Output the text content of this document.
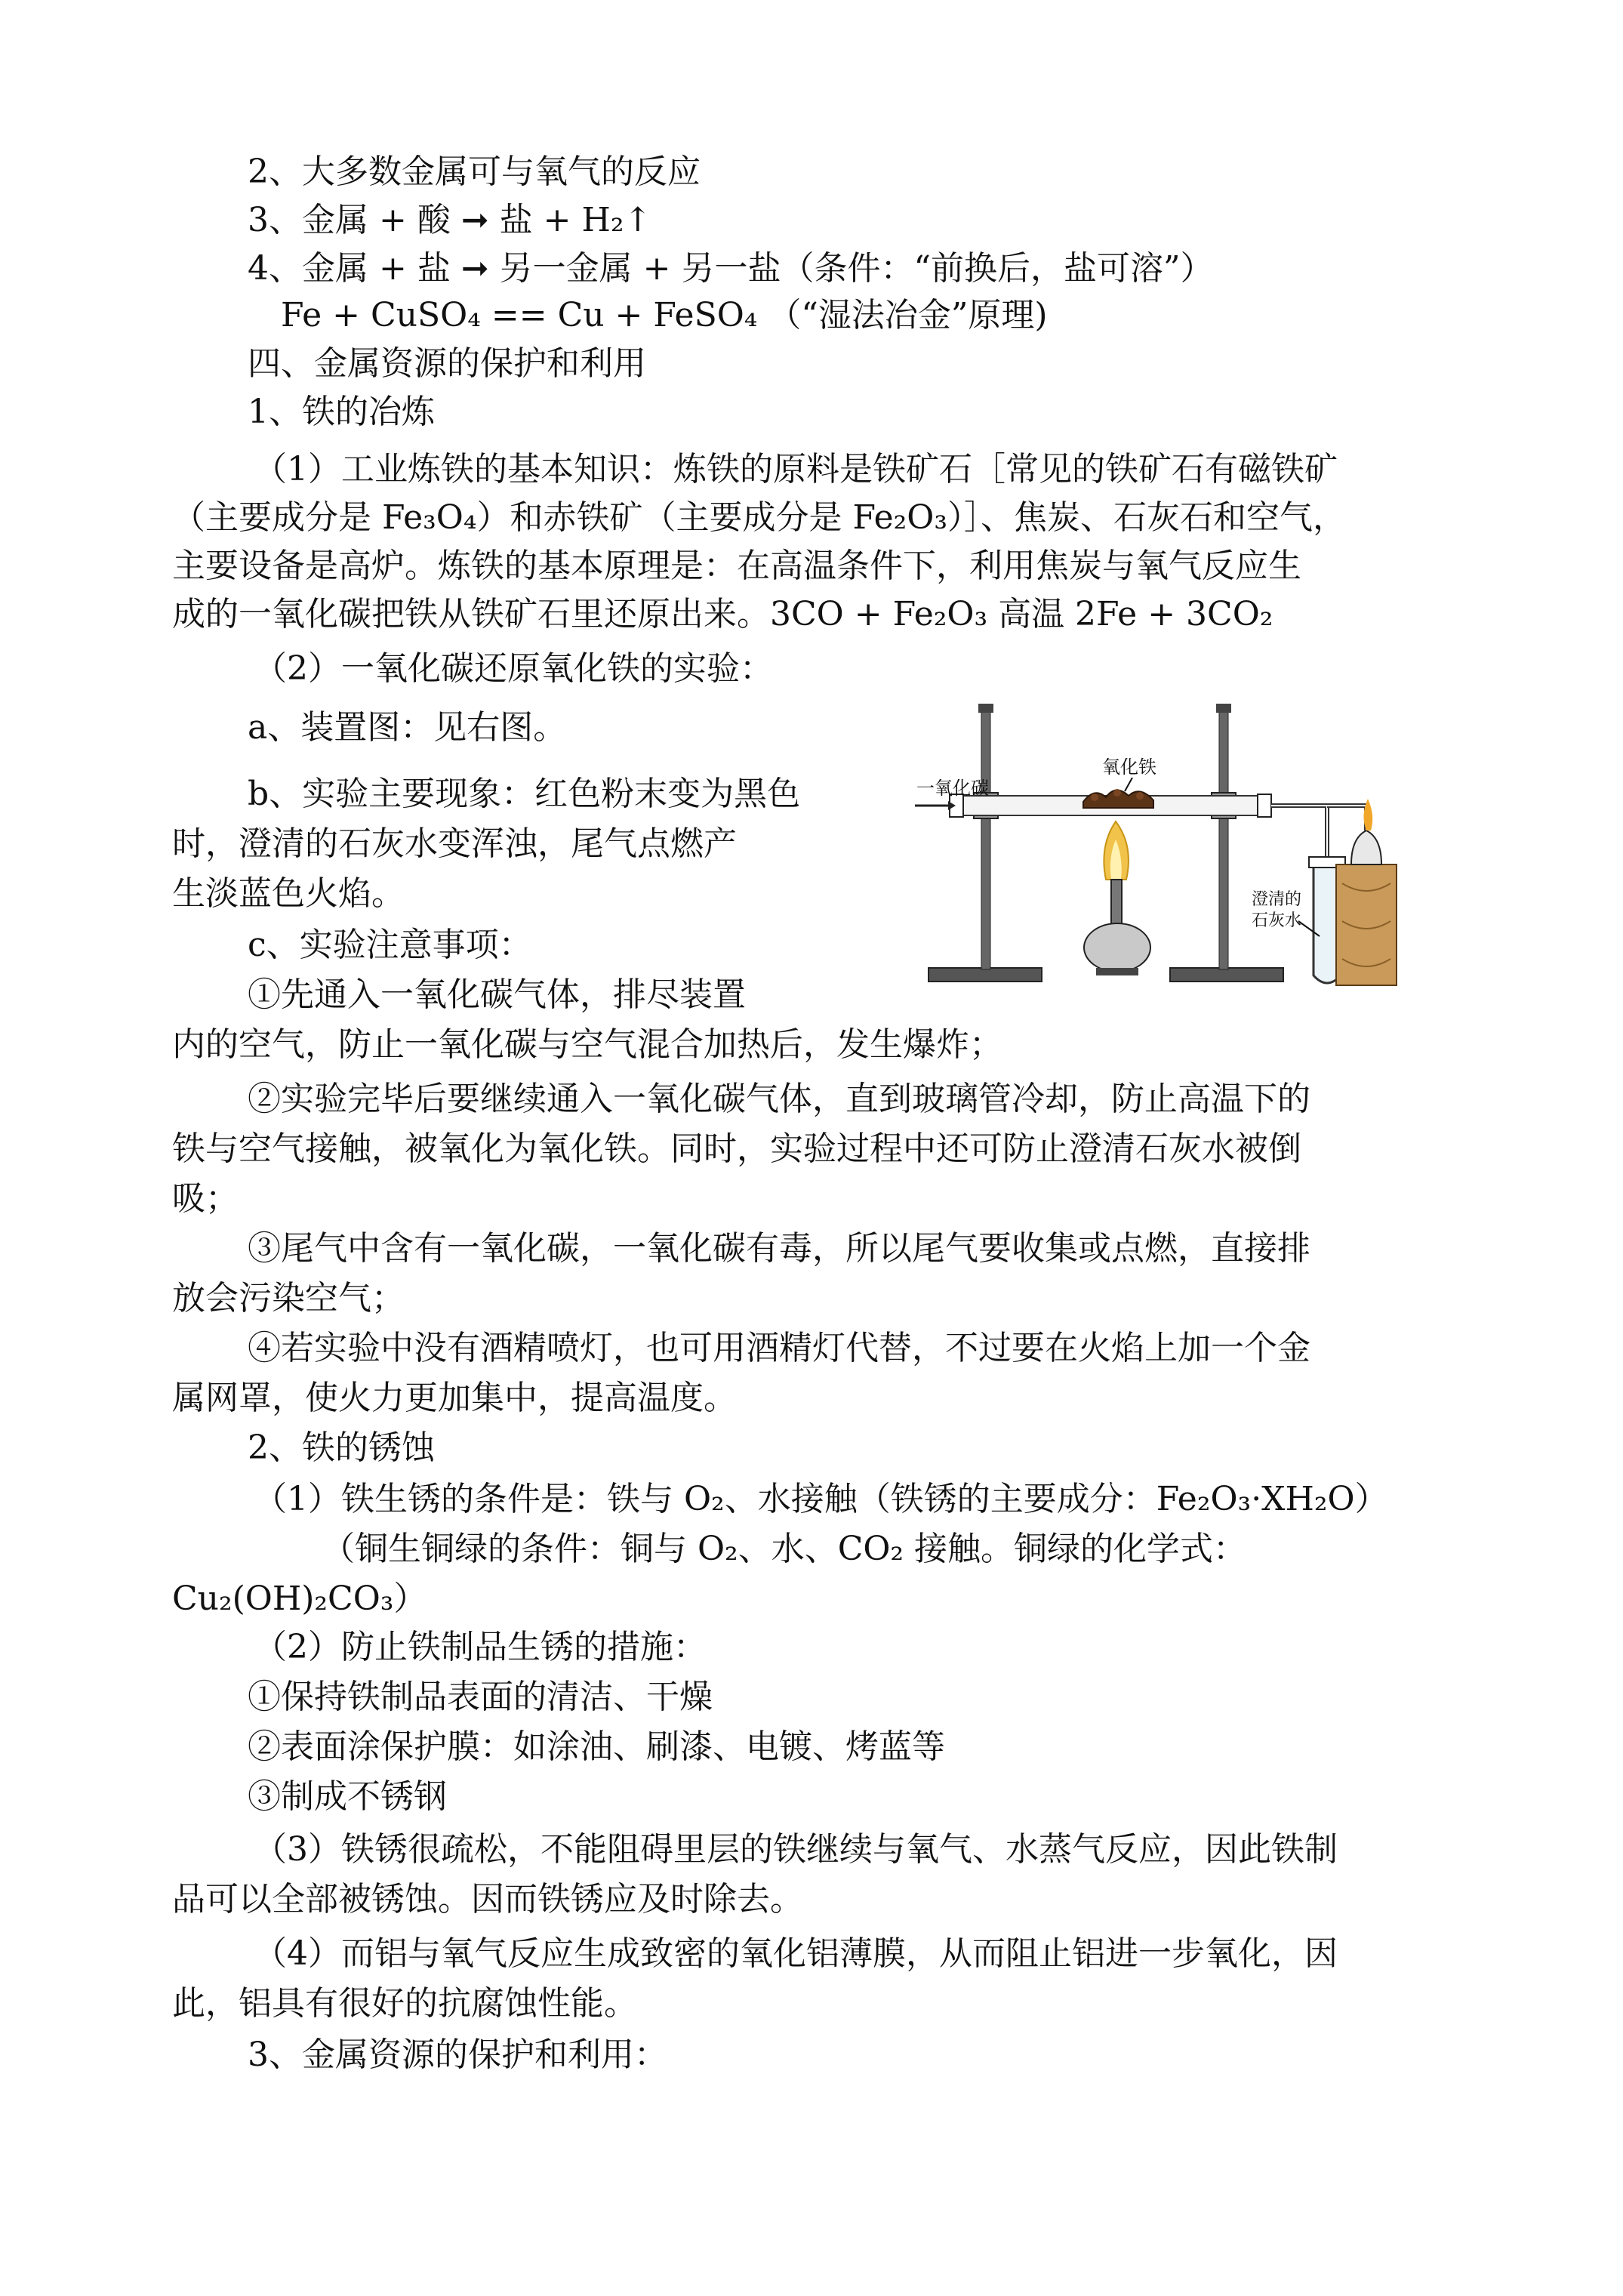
2、大多数金属可与氧气的反应
3、金属 + 酸 ➞ 盐 + H₂↑
4、金属 + 盐 ➞ 另一金属 + 另一盐（条件：“前换后，盐可溶”）
Fe + CuSO₄ == Cu + FeSO₄ （“湿法冶金”原理)
四、金属资源的保护和利用
1、铁的冶炼
（1）工业炼铁的基本知识：炼铁的原料是铁矿石［常见的铁矿石有磁铁矿
（主要成分是 Fe₃O₄）和赤铁矿（主要成分是 Fe₂O₃）］、焦炭、石灰石和空气，
主要设备是高炉。炼铁的基本原理是：在高温条件下，利用焦炭与氧气反应生
成的一氧化碳把铁从铁矿石里还原出来。3CO + Fe₂O₃ 高温 2Fe + 3CO₂
（2）一氧化碳还原氧化铁的实验：
a、装置图：见右图。
b、实验主要现象：红色粉末变为黑色
时，澄清的石灰水变浑浊，尾气点燃产
生淡蓝色火焰。
c、实验注意事项：
①先通入一氧化碳气体，排尽装置
内的空气，防止一氧化碳与空气混合加热后，发生爆炸；
②实验完毕后要继续通入一氧化碳气体，直到玻璃管冷却，防止高温下的
铁与空气接触，被氧化为氧化铁。同时，实验过程中还可防止澄清石灰水被倒
吸；
③尾气中含有一氧化碳，一氧化碳有毒，所以尾气要收集或点燃，直接排
放会污染空气；
④若实验中没有酒精喷灯，也可用酒精灯代替，不过要在火焰上加一个金
属网罩，使火力更加集中，提高温度。
2、铁的锈蚀
（1）铁生锈的条件是：铁与 O₂、水接触（铁锈的主要成分：Fe₂O₃·XH₂O）
（铜生铜绿的条件：铜与 O₂、水、CO₂ 接触。铜绿的化学式：
Cu₂(OH)₂CO₃）
（2）防止铁制品生锈的措施：
①保持铁制品表面的清洁、干燥
②表面涂保护膜：如涂油、刷漆、电镀、烤蓝等
③制成不锈钢
（3）铁锈很疏松，不能阻碍里层的铁继续与氧气、水蒸气反应，因此铁制
品可以全部被锈蚀。因而铁锈应及时除去。
（4）而铝与氧气反应生成致密的氧化铝薄膜，从而阻止铝进一步氧化，因
此，铝具有很好的抗腐蚀性能。
3、金属资源的保护和利用：
一氧化碳
氧化铁
澄清的
石灰水
